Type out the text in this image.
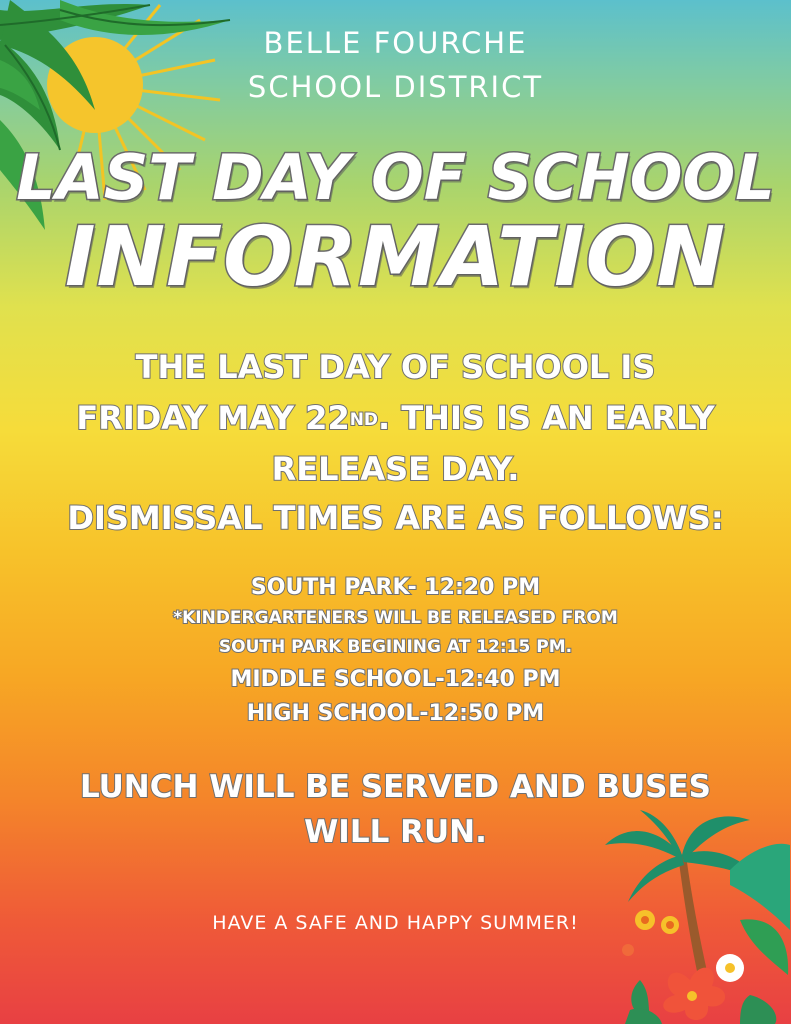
BELLE FOURCHE
SCHOOL DISTRICT
LAST DAY OF SCHOOL
INFORMATION
THE LAST DAY OF SCHOOL IS
FRIDAY MAY 22ND. THIS IS AN EARLY
RELEASE DAY.
DISMISSAL TIMES ARE AS FOLLOWS:
SOUTH PARK- 12:20 PM
*KINDERGARTENERS WILL BE RELEASED FROM
SOUTH PARK BEGINING AT 12:15 PM.
MIDDLE SCHOOL-12:40 PM
HIGH SCHOOL-12:50 PM
LUNCH WILL BE SERVED AND BUSES
WILL RUN.
HAVE A SAFE AND HAPPY SUMMER!
